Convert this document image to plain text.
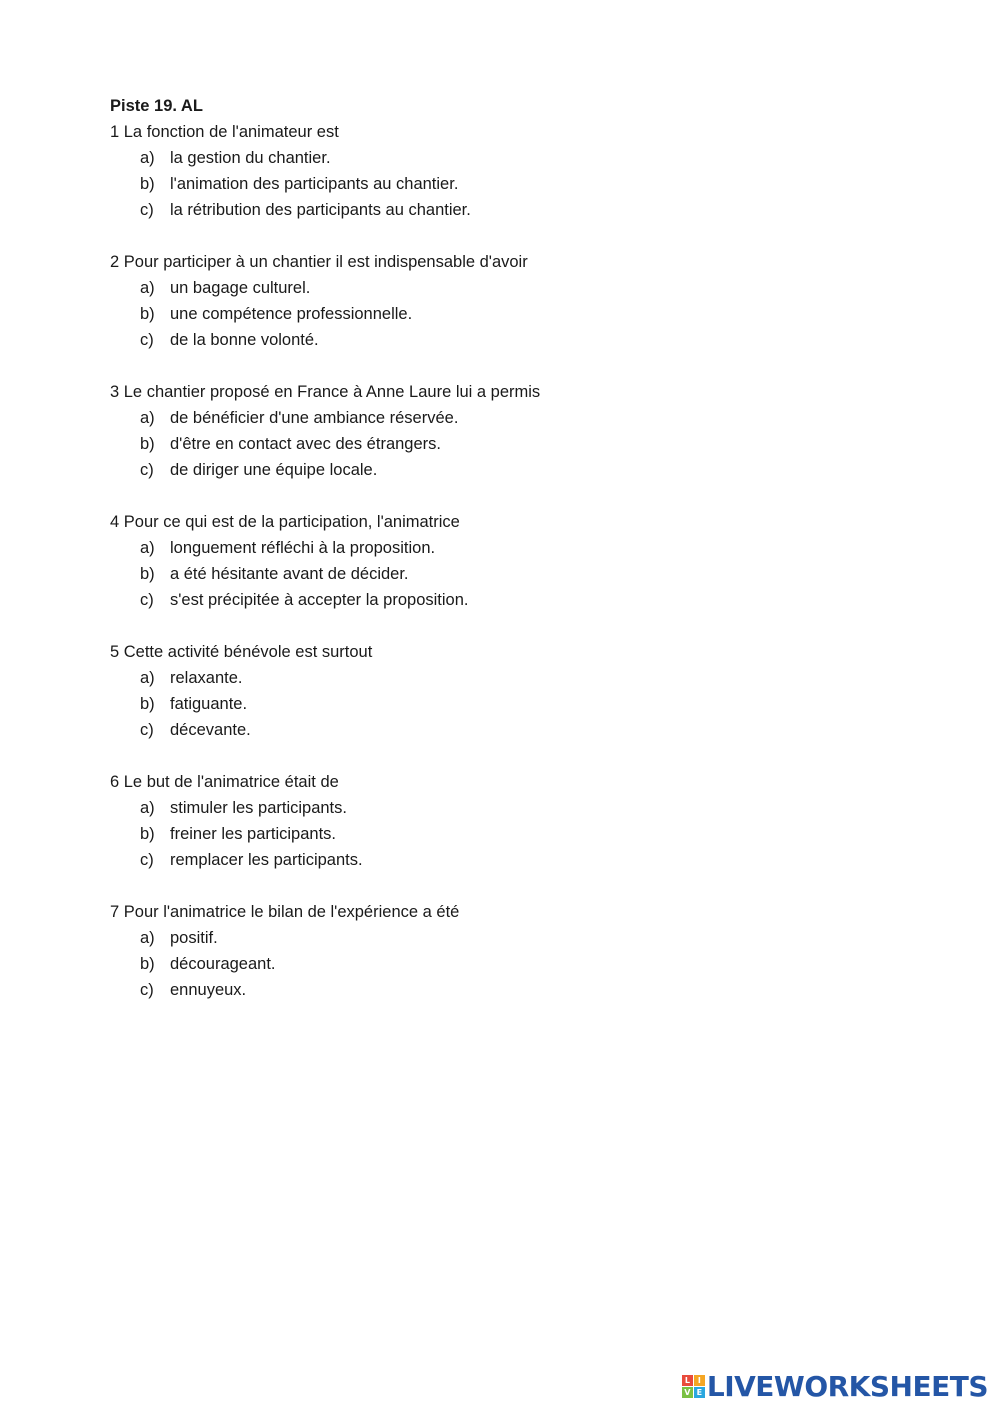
Piste 19. AL

1 La fonction de l'animateur est

a) la gestion du chantier.
b) l'animation des participants au chantier.
c) la rétribution des participants au chantier.

2 Pour participer à un chantier il est indispensable d'avoir

a) un bagage culturel.
b) une compétence professionnelle.
c) de la bonne volonté.

3 Le chantier proposé en France à Anne Laure lui a permis

a) de bénéficier d'une ambiance réservée.
b) d'être en contact avec des étrangers.
c) de diriger une équipe locale.

4 Pour ce qui est de la participation, l'animatrice

a) longuement réfléchi à la proposition.
b) a été hésitante avant de décider.
c) s'est précipitée à accepter la proposition.

5 Cette activité bénévole est surtout

a) relaxante.
b) fatiguante.
c) décevante.

6 Le but de l'animatrice était de

a) stimuler les participants.
b) freiner les participants.
c) remplacer les participants.

7 Pour l'animatrice le bilan de l'expérience a été

a) positif.
b) décourageant.
c) ennuyeux.
L I
V E LIVEWORKSHEETS
